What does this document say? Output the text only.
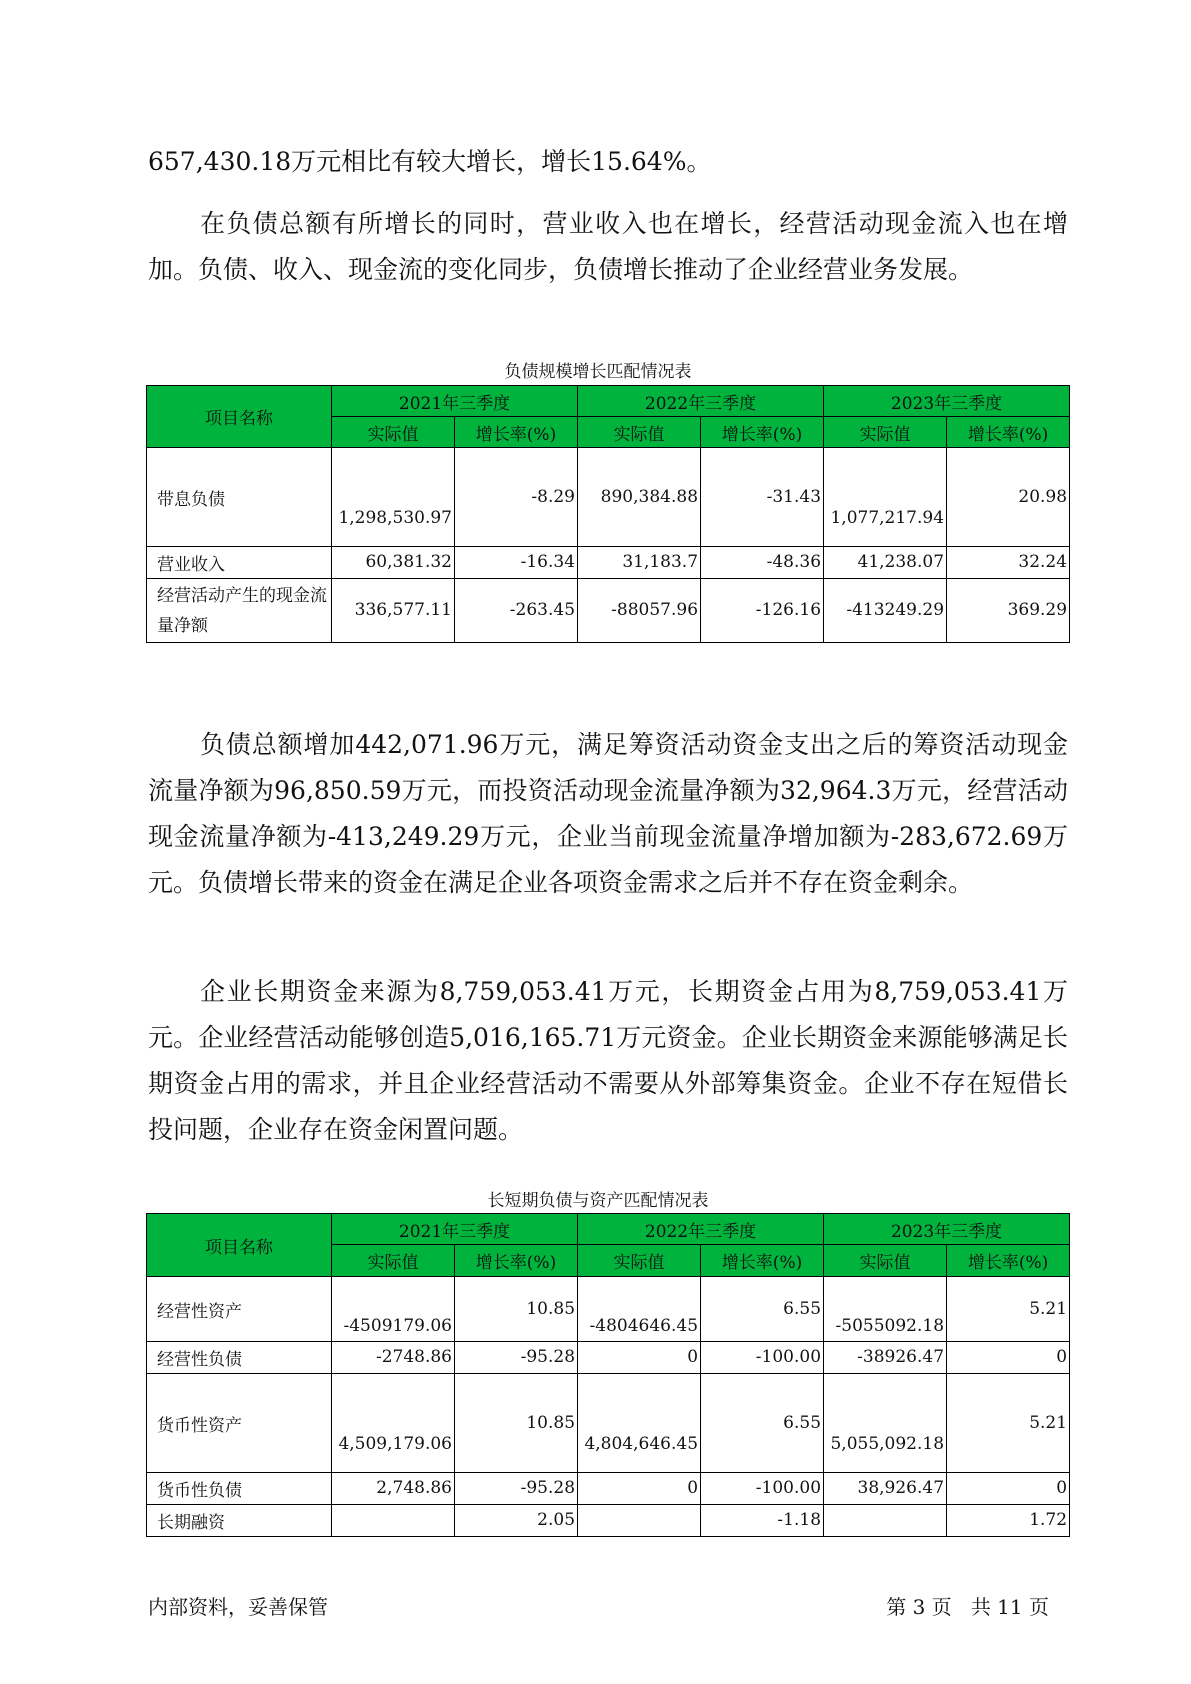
657,430.18万元相比有较大增长，增长15.64%。

在负债总额有所增长的同时，营业收入也在增长，经营活动现金流入也在增加。负债、收入、现金流的变化同步，负债增长推动了企业经营业务发展。

负债规模增长匹配情况表
项目名称	2021年三季度		2022年三季度		2023年三季度	
	实际值	增长率(%)	实际值	增长率(%)	实际值	增长率(%)
带息负债	1,298,530.97	-8.29	890,384.88	-31.43	1,077,217.94	20.98
营业收入	60,381.32	-16.34	31,183.7	-48.36	41,238.07	32.24
经营活动产生的现金流量净额	336,577.11	-263.45	-88057.96	-126.16	-413249.29	369.29

负债总额增加442,071.96万元，满足筹资活动资金支出之后的筹资活动现金流量净额为96,850.59万元，而投资活动现金流量净额为32,964.3万元，经营活动现金流量净额为-413,249.29万元，企业当前现金流量净增加额为-283,672.69万元。负债增长带来的资金在满足企业各项资金需求之后并不存在资金剩余。

企业长期资金来源为8,759,053.41万元，长期资金占用为8,759,053.41万元。企业经营活动能够创造5,016,165.71万元资金。企业长期资金来源能够满足长期资金占用的需求，并且企业经营活动不需要从外部筹集资金。企业不存在短借长投问题，企业存在资金闲置问题。

长短期负债与资产匹配情况表
项目名称	2021年三季度		2022年三季度		2023年三季度	
	实际值	增长率(%)	实际值	增长率(%)	实际值	增长率(%)
经营性资产	-4509179.06	10.85	-4804646.45	6.55	-5055092.18	5.21
经营性负债	-2748.86	-95.28	0	-100.00	-38926.47	0
货币性资产	4,509,179.06	10.85	4,804,646.45	6.55	5,055,092.18	5.21
货币性负债	2,748.86	-95.28	0	-100.00	38,926.47	0
长期融资		2.05		-1.18		1.72
内部资料，妥善保管	第 3 页   共 11 页
